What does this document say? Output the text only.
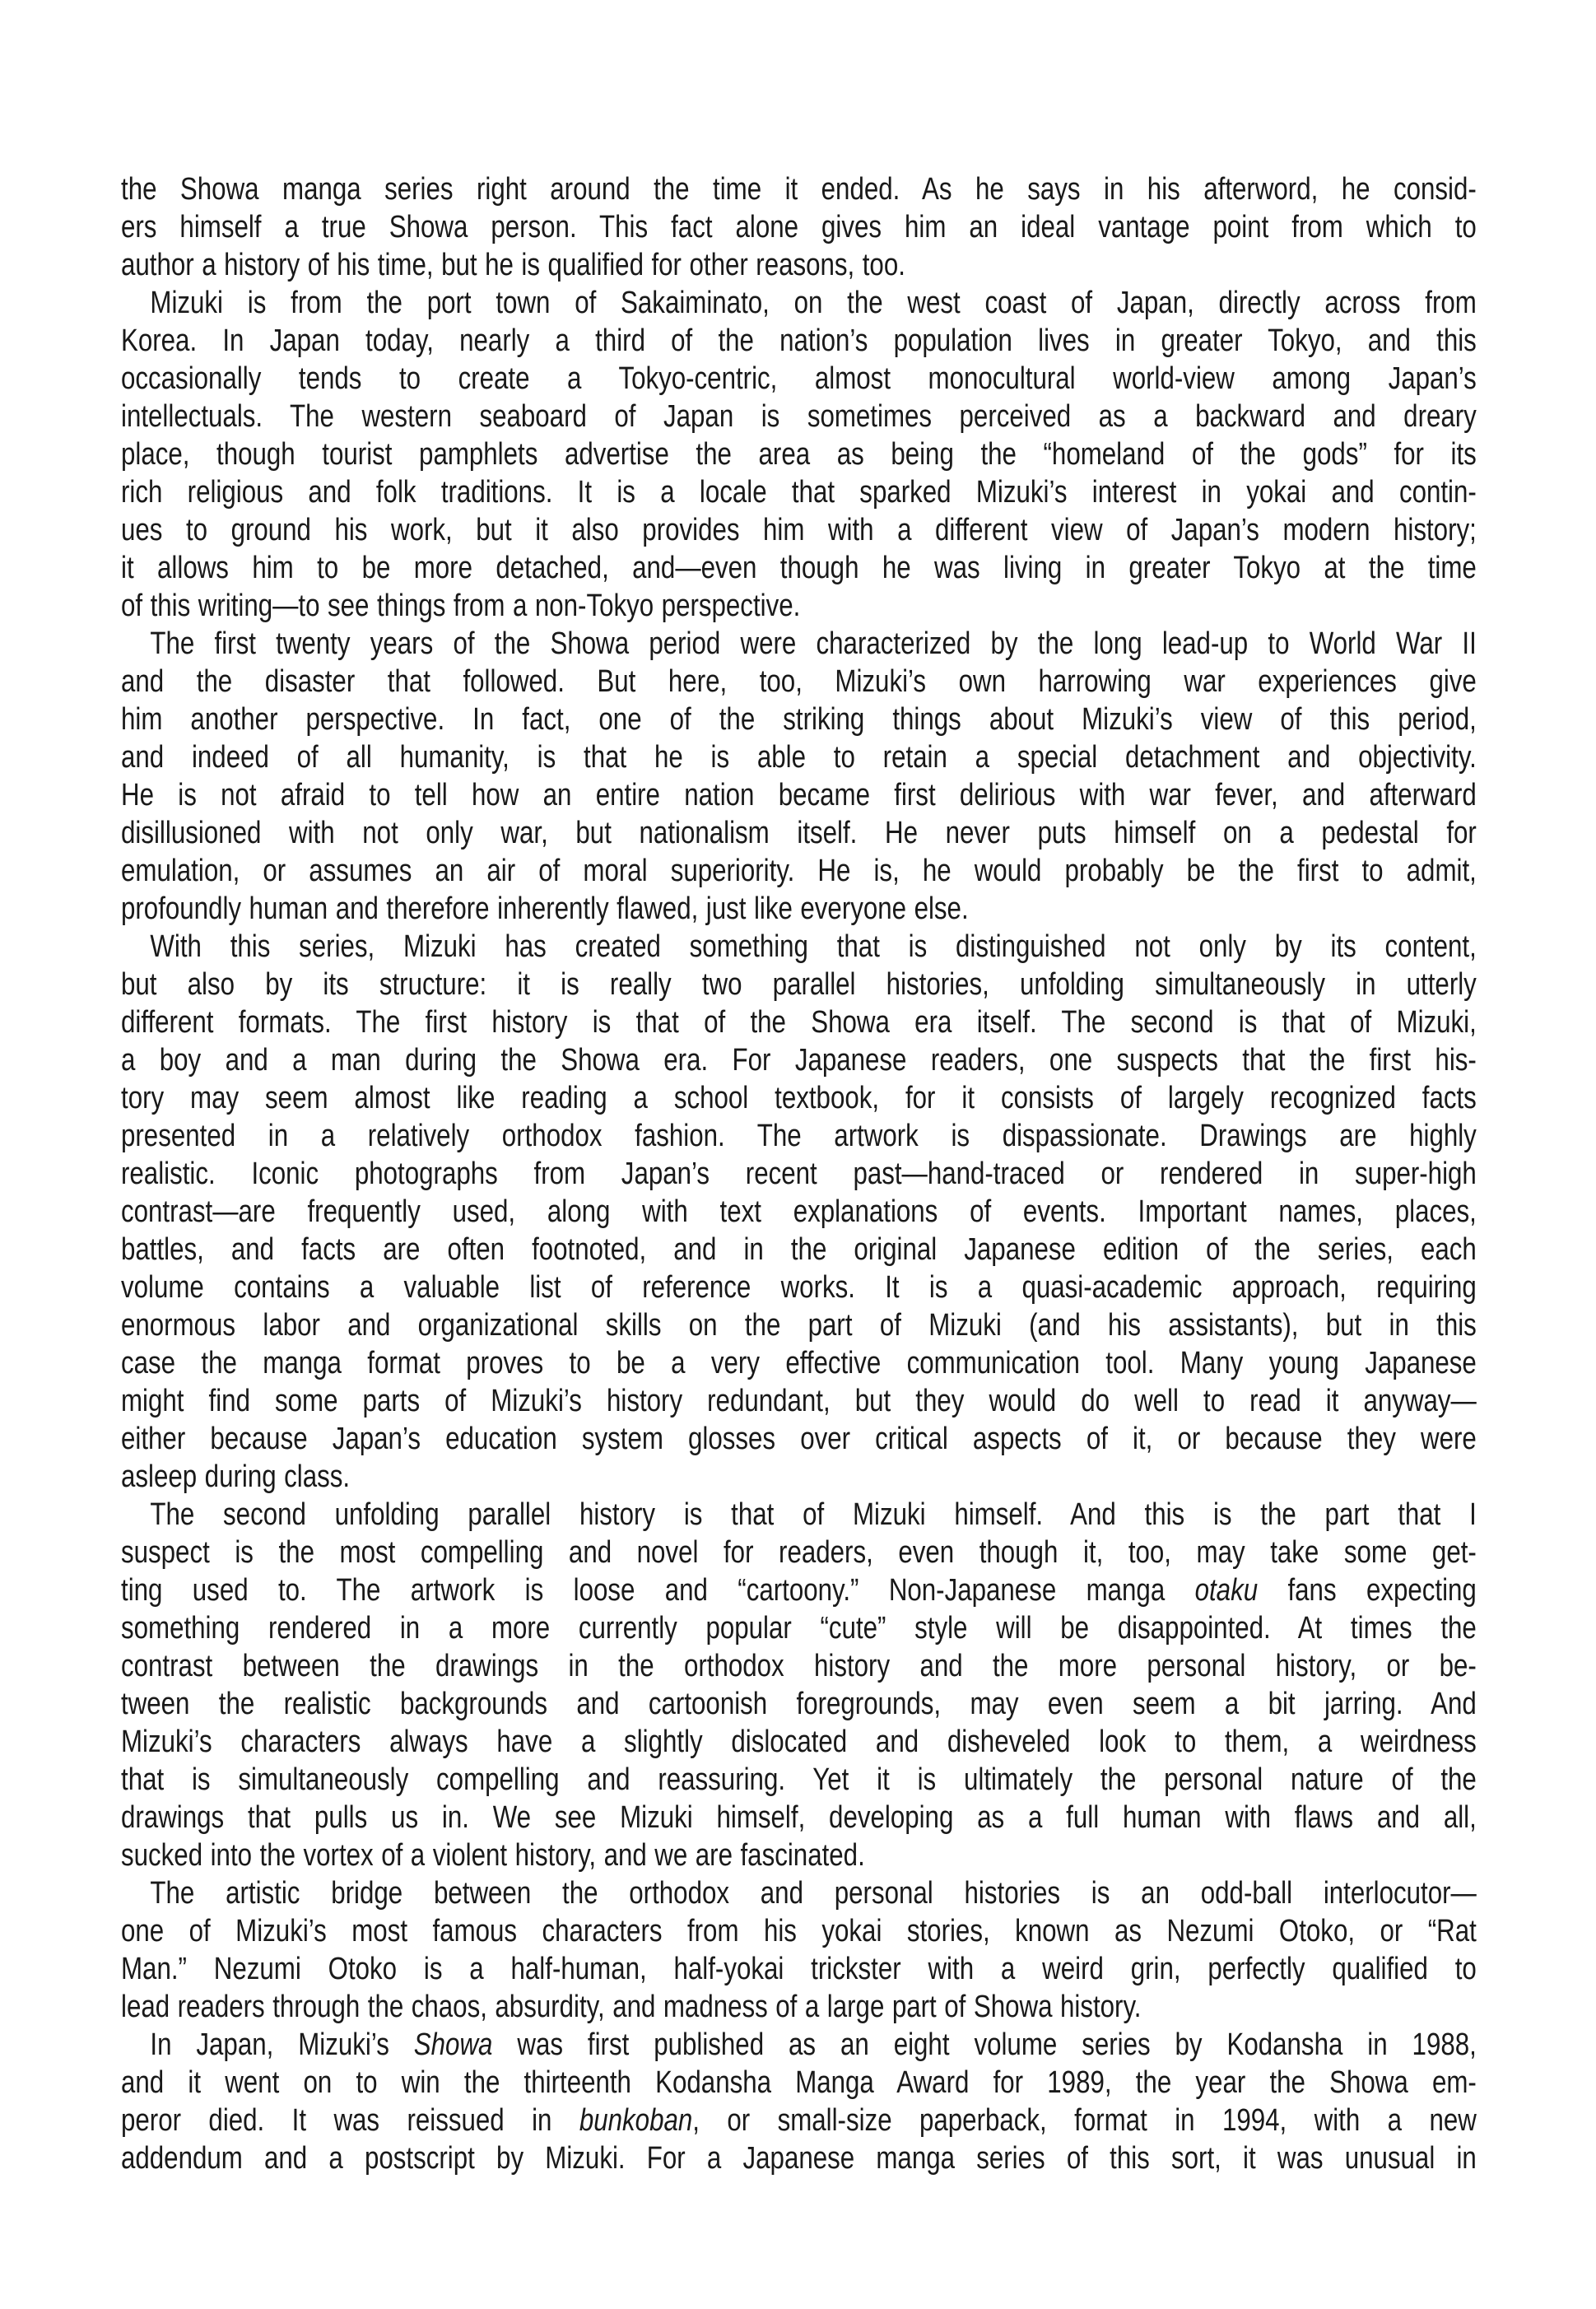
the Showa manga series right around the time it ended. As he says in his afterword, he consid-
ers himself a true Showa person. This fact alone gives him an ideal vantage point from which to
author a history of his time, but he is qualified for other reasons, too.
Mizuki is from the port town of Sakaiminato, on the west coast of Japan, directly across from
Korea. In Japan today, nearly a third of the nation’s population lives in greater Tokyo, and this
occasionally tends to create a Tokyo-centric, almost monocultural world-view among Japan’s
intellectuals. The western seaboard of Japan is sometimes perceived as a backward and dreary
place, though tourist pamphlets advertise the area as being the “homeland of the gods” for its
rich religious and folk traditions. It is a locale that sparked Mizuki’s interest in yokai and contin-
ues to ground his work, but it also provides him with a different view of Japan’s modern history;
it allows him to be more detached, and—even though he was living in greater Tokyo at the time
of this writing—to see things from a non-Tokyo perspective.
The first twenty years of the Showa period were characterized by the long lead-up to World War II
and the disaster that followed. But here, too, Mizuki’s own harrowing war experiences give
him another perspective. In fact, one of the striking things about Mizuki’s view of this period,
and indeed of all humanity, is that he is able to retain a special detachment and objectivity.
He is not afraid to tell how an entire nation became first delirious with war fever, and afterward
disillusioned with not only war, but nationalism itself. He never puts himself on a pedestal for
emulation, or assumes an air of moral superiority. He is, he would probably be the first to admit,
profoundly human and therefore inherently flawed, just like everyone else.
With this series, Mizuki has created something that is distinguished not only by its content,
but also by its structure: it is really two parallel histories, unfolding simultaneously in utterly
different formats. The first history is that of the Showa era itself. The second is that of Mizuki,
a boy and a man during the Showa era. For Japanese readers, one suspects that the first his-
tory may seem almost like reading a school textbook, for it consists of largely recognized facts
presented in a relatively orthodox fashion. The artwork is dispassionate. Drawings are highly
realistic. Iconic photographs from Japan’s recent past—hand-traced or rendered in super-high
contrast—are frequently used, along with text explanations of events. Important names, places,
battles, and facts are often footnoted, and in the original Japanese edition of the series, each
volume contains a valuable list of reference works. It is a quasi-academic approach, requiring
enormous labor and organizational skills on the part of Mizuki (and his assistants), but in this
case the manga format proves to be a very effective communication tool. Many young Japanese
might find some parts of Mizuki’s history redundant, but they would do well to read it anyway—
either because Japan’s education system glosses over critical aspects of it, or because they were
asleep during class.
The second unfolding parallel history is that of Mizuki himself. And this is the part that I
suspect is the most compelling and novel for readers, even though it, too, may take some get-
ting used to. The artwork is loose and “cartoony.” Non-Japanese manga otaku fans expecting
something rendered in a more currently popular “cute” style will be disappointed. At times the
contrast between the drawings in the orthodox history and the more personal history, or be-
tween the realistic backgrounds and cartoonish foregrounds, may even seem a bit jarring. And
Mizuki’s characters always have a slightly dislocated and disheveled look to them, a weirdness
that is simultaneously compelling and reassuring. Yet it is ultimately the personal nature of the
drawings that pulls us in. We see Mizuki himself, developing as a full human with flaws and all,
sucked into the vortex of a violent history, and we are fascinated.
The artistic bridge between the orthodox and personal histories is an odd-ball interlocutor—
one of Mizuki’s most famous characters from his yokai stories, known as Nezumi Otoko, or “Rat
Man.” Nezumi Otoko is a half-human, half-yokai trickster with a weird grin, perfectly qualified to
lead readers through the chaos, absurdity, and madness of a large part of Showa history.
In Japan, Mizuki’s Showa was first published as an eight volume series by Kodansha in 1988,
and it went on to win the thirteenth Kodansha Manga Award for 1989, the year the Showa em-
peror died. It was reissued in bunkoban, or small-size paperback, format in 1994, with a new
addendum and a postscript by Mizuki. For a Japanese manga series of this sort, it was unusual in
